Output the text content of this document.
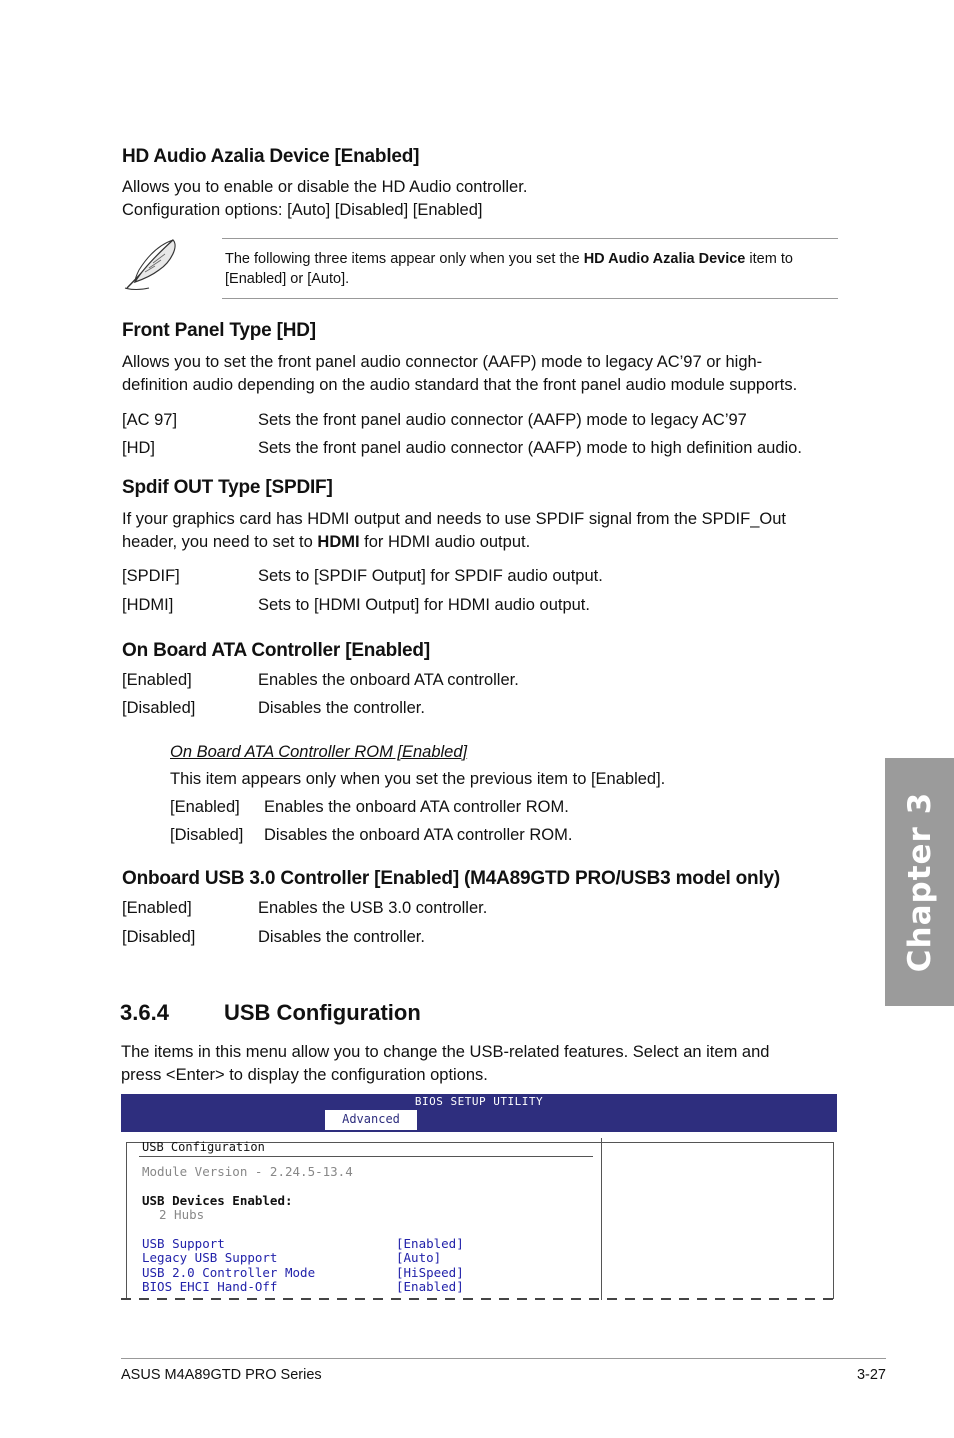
HD Audio Azalia Device [Enabled]
Allows you to enable or disable the HD Audio controller.
Configuration options: [Auto] [Disabled] [Enabled]
The following three items appear only when you set the HD Audio Azalia Device item to
[Enabled] or [Auto].
Front Panel Type [HD]
Allows you to set the front panel audio connector (AAFP) mode to legacy AC’97 or high-
definition audio depending on the audio standard that the front panel audio module supports.
[AC 97]	Sets the front panel audio connector (AAFP) mode to legacy AC’97
[HD]	Sets the front panel audio connector (AAFP) mode to high definition audio.
Spdif OUT Type [SPDIF]
If your graphics card has HDMI output and needs to use SPDIF signal from the SPDIF_Out
header, you need to set to HDMI for HDMI audio output.
[SPDIF]	Sets to [SPDIF Output] for SPDIF audio output.
[HDMI]	Sets to [HDMI Output] for HDMI audio output.
On Board ATA Controller [Enabled]
[Enabled]	Enables the onboard ATA controller.
[Disabled]	Disables the controller.
On Board ATA Controller ROM [Enabled]
This item appears only when you set the previous item to [Enabled].
[Enabled] Enables the onboard ATA controller ROM.
[Disabled] Disables the onboard ATA controller ROM.
Onboard USB 3.0 Controller [Enabled] (M4A89GTD PRO/USB3 model only)
[Enabled]	Enables the USB 3.0 controller.
[Disabled]	Disables the controller.
3.6.4	USB Configuration
The items in this menu allow you to change the USB-related features. Select an item and
press <Enter> to display the configuration options.
BIOS SETUP UTILITY
Advanced
USB Configuration
Module Version - 2.24.5-13.4
USB Devices Enabled:
2 Hubs
USB Support	[Enabled]
Legacy USB Support	[Auto]
USB 2.0 Controller Mode	[HiSpeed]
BIOS EHCI Hand-Off	[Enabled]
Chapter 3
ASUS M4A89GTD PRO Series	3-27
